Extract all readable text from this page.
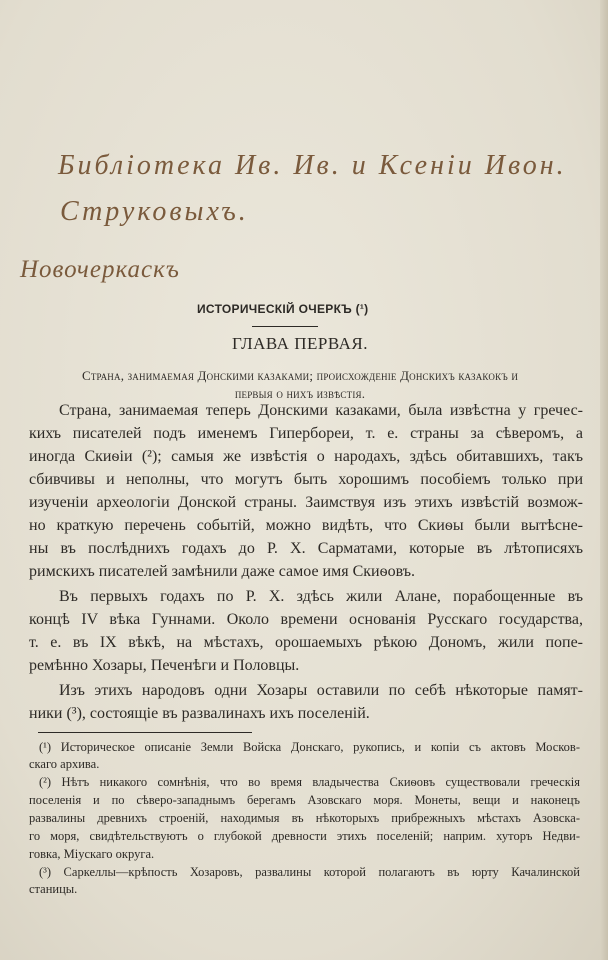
Библіотека Ив. Ив. и Ксеніи Ивон.
Струковыхъ.
Новочеркаскъ
ИСТОРИЧЕСКІЙ ОЧЕРКЪ (¹)
ГЛАВА ПЕРВАЯ.
Страна, занимаемая Донскими казаками; происхожденіе Донскихъ казакокъ и
первыя о нихъ извѣстія.
Страна, занимаемая теперь Донскими казаками, была извѣстна у гречес-
кихъ писателей подъ именемъ Гипербореи, т. е. страны за сѣверомъ, а
иногда Скиѳіи (²); самыя же извѣстія о народахъ, здѣсь обитавшихъ, такъ
сбивчивы и неполны, что могутъ быть хорошимъ пособіемъ только при
изученіи археологіи Донской страны. Заимствуя изъ этихъ извѣстій возмож-
но краткую перечень событій, можно видѣть, что Скиѳы были вытѣсне-
ны въ послѣднихъ годахъ до Р. Х. Сарматами, которые въ лѣтописяхъ
римскихъ писателей замѣнили даже самое имя Скиѳовъ.
Въ первыхъ годахъ по Р. Х. здѣсь жили Алане, порабощенные въ
концѣ IV вѣка Гуннами. Около времени основанія Русскаго государства,
т. е. въ IX вѣкѣ, на мѣстахъ, орошаемыхъ рѣкою Дономъ, жили попе-
ремѣнно Хозары, Печенѣги и Половцы.
Изъ этихъ народовъ одни Хозары оставили по себѣ нѣкоторые памят-
ники (³), состоящіе въ развалинахъ ихъ поселеній.
(¹) Историческое описаніе Земли Войска Донскаго, рукопись, и копіи съ актовъ Москов-
скаго архива.
(²) Нѣтъ никакого сомнѣнія, что во время владычества Скиѳовъ существовали греческія
поселенія и по сѣверо-западнымъ берегамъ Азовскаго моря. Монеты, вещи и наконецъ
развалины древнихъ строеній, находимыя въ нѣкоторыхъ прибрежныхъ мѣстахъ Азовска-
го моря, свидѣтельствуютъ о глубокой древности этихъ поселеній; наприм. хуторъ Недви-
говка, Міускаго округа.
(³) Саркеллы—крѣпость Хозаровъ, развалины которой полагаютъ въ юрту Качалинской
станицы.
